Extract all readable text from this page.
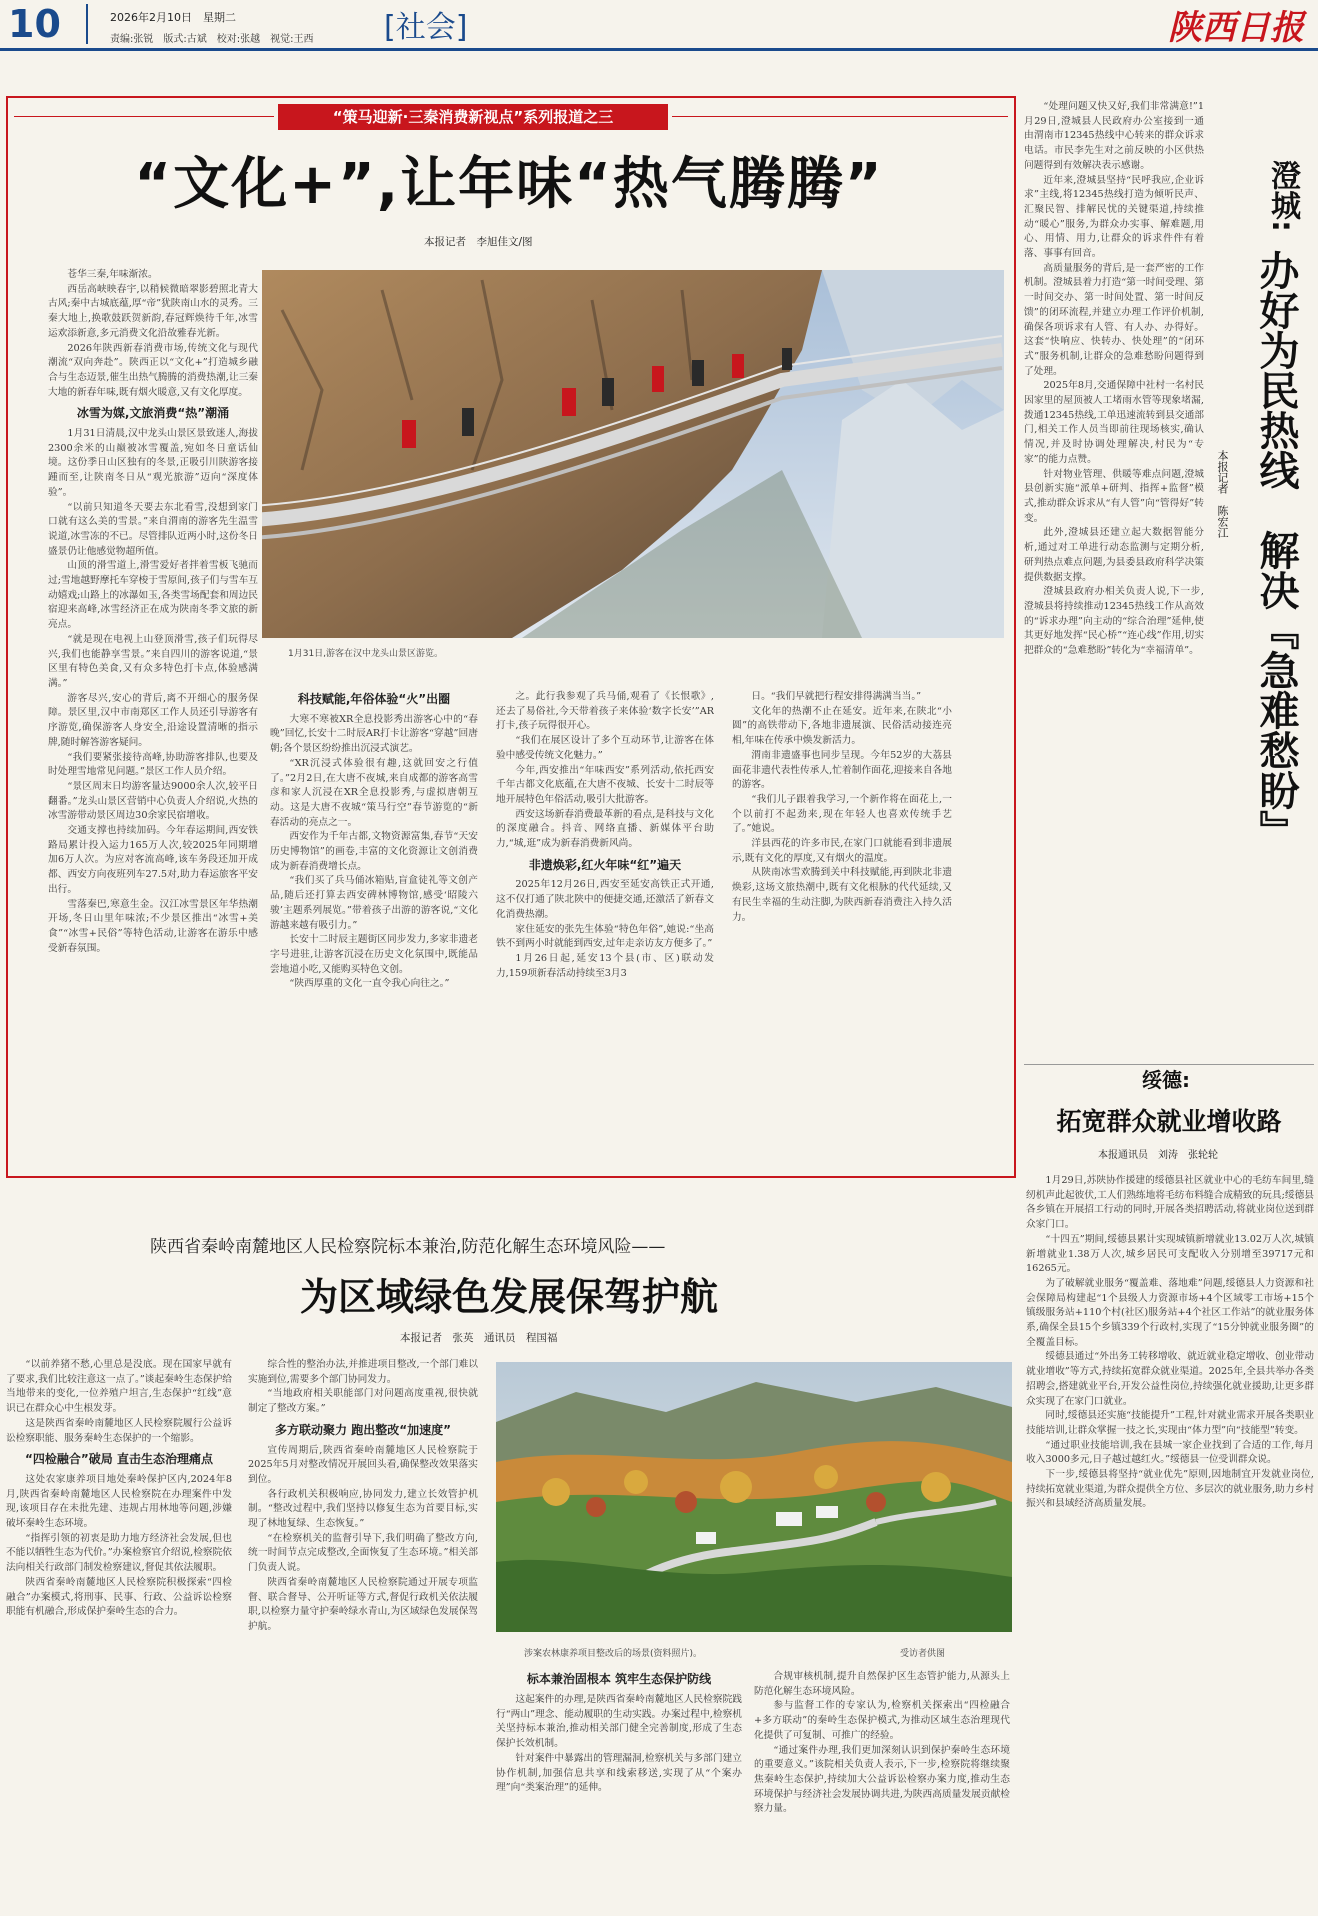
10	2026年2月10日　星期二
责编:张锐　版式:古斌　校对:张越　视觉:王西 [社会]	陕西日报
“策马迎新·三秦消费新视点”系列报道之三
“文化+”,让年味“热气腾腾”
本报记者　李旭佳文/图

苍华三秦,年味渐浓。

西岳高峡映春宇,以稍候微暗翠影碧照北青大古风;秦中古城底蕴,厚“帝”犹陕南山水的灵秀。三秦大地上,换歌鼓跃贺新韵,春冠辉焕待千年,冰雪运欢添新意,多元消费文化沿故雅春光新。

2026年陕西新春消费市场,传统文化与现代潮流“双向奔赴”。陕西正以“文化+”打造城乡融合与生态迈景,催生出热气腾腾的消费热潮,让三秦大地的新春年味,既有烟火暖意,又有文化厚度。

冰雪为媒,文旅消费“热”潮涌

1月31日清晨,汉中龙头山景区景致迷人,海拔2300余米的山巅被冰雪覆盖,宛如冬日童话仙境。这份季日山区独有的冬景,正吸引川陕游客接踵而至,让陕南冬日从“观光旅游”迈向“深度体验”。

“以前只知道冬天要去东北看雪,没想到家门口就有这么美的雪景。”来自渭南的游客先生温雪说道,冰雪冻的不已。尽管排队近两小时,这份冬日盛景仍让他感觉物超所值。

山顶的滑雪道上,滑雪爱好者拌着雪板飞驰而过;雪地越野摩托车穿梭于雪原间,孩子们与雪车互动嬉戏;山路上的冰瀑如玉,各类雪场配套和周边民宿迎来高峰,冰雪经济正在成为陕南冬季文旅的新亮点。

“就是现在电视上山登顶滑雪,孩子们玩得尽兴,我们也能静享雪景。”来自四川的游客说道,“景区里有特色美食,又有众多特色打卡点,体验感满满。”

游客尽兴,安心的背后,离不开细心的服务保障。景区里,汉中市南郑区工作人员还引导游客有序游览,确保游客人身安全,沿途设置清晰的指示牌,随时解答游客疑问。

“我们要紧张接待高峰,协助游客排队,也要及时处理雪地常见问题。”景区工作人员介绍。

“景区周末日均游客量达9000余人次,较平日翻番。”龙头山景区营销中心负责人介绍说,火热的冰雪游带动景区周边30余家民宿增收。

交通支撑也持续加码。今年春运期间,西安铁路局累计投入运力165万人次,较2025年同期增加6万人次。为应对客流高峰,该车务段还加开成都、西安方向夜班列车27.5对,助力春运旅客平安出行。

雪落秦巴,寒意生金。汉江冰雪景区年华热潮开场,冬日山里年味浓;不少景区推出“冰雪+美食”“冰雪+民俗”等特色活动,让游客在游乐中感受新春氛围。

1月31日,游客在汉中龙头山景区游览。
科技赋能,年俗体验“火”出圈

大寒不寒被XR全息投影秀出游客心中的“春晚”回忆,长安十二时辰AR打卡让游客“穿越”回唐朝;各个景区纷纷推出沉浸式演艺。

“XR沉浸式体验很有趣,这就回安之行值了。”2月2日,在大唐不夜城,来自成都的游客高雪彦和家人沉浸在XR全息投影秀,与虚拟唐朝互动。这是大唐不夜城“策马行空”春节游览的“新春活动的亮点之一。

西安作为千年古都,文物资源富集,春节“天安历史博物馆”的画卷,丰富的文化资源让文创消费成为新春消费增长点。

“我们买了兵马俑冰箱贴,盲盒徒礼等文创产品,随后还打算去西安碑林博物馆,感受‘昭陵六骏’主题系列展览。”带着孩子出游的游客说,“文化游越来越有吸引力。”

长安十二时辰主题街区同步发力,多家非遗老字号进驻,让游客沉浸在历史文化氛围中,既能品尝地道小吃,又能购买特色文创。

“陕西厚重的文化一直令我心向往之。”

之。此行我参观了兵马俑,观看了《长恨歌》,还去了易俗社,今天带着孩子来体验‘数字长安’”AR打卡,孩子玩得很开心。

“我们在展区设计了多个互动环节,让游客在体验中感受传统文化魅力。”

今年,西安推出“年味西安”系列活动,依托西安千年古都文化底蕴,在大唐不夜城、长安十二时辰等地开展特色年俗活动,吸引大批游客。

西安这场新春消费最革新的看点,是科技与文化的深度融合。抖音、网络直播、新媒体平台助力,“城,逛”成为新春消费新风尚。

非遗焕彩,红火年味“红”遍天

2025年12月26日,西安至延安高铁正式开通,这不仅打通了陕北陕中的便捷交通,还激活了新春文化消费热潮。

家住延安的张先生体验“特色年俗”,她说:“坐高铁不到两小时就能到西安,过年走亲访友方便多了。”

1月26日起,延安13个县(市、区)联动发力,159项新春活动持续至3月3

日。“我们早就把行程安排得满满当当。”

文化年的热潮不止在延安。近年来,在陕北“小圆”的高铁带动下,各地非遗展演、民俗活动接连亮相,年味在传承中焕发新活力。

渭南非遗盛事也同步呈现。今年52岁的大荔县面花非遗代表性传承人,忙着制作面花,迎接来自各地的游客。

“我们儿子跟着我学习,一个新作将在面花上,一个以前打不起劲来,现在年轻人也喜欢传统手艺了。”她说。

洋县西花的许多市民,在家门口就能看到非遗展示,既有文化的厚度,又有烟火的温度。

从陕南冰雪欢腾到关中科技赋能,再到陕北非遗焕彩,这场文旅热潮中,既有文化根脉的代代延续,又有民生幸福的生动注脚,为陕西新春消费注入持久活力。

“处理问题又快又好,我们非常满意!”1月29日,澄城县人民政府办公室接到一通由渭南市12345热线中心转来的群众诉求电话。市民李先生对之前反映的小区供热问题得到有效解决表示感谢。

近年来,澄城县坚持“民呼我应,企业诉求”主线,将12345热线打造为倾听民声、汇聚民智、排解民忧的关键渠道,持续推动“暖心”服务,为群众办实事、解难题,用心、用情、用力,让群众的诉求件件有着落、事事有回音。

高质量服务的背后,是一套严密的工作机制。澄城县着力打造“第一时间受理、第一时间交办、第一时间处置、第一时间反馈”的闭环流程,并建立办理工作评价机制,确保各项诉求有人管、有人办、办得好。这套“快响应、快转办、快处理”的“闭环式”服务机制,让群众的急难愁盼问题得到了处理。

2025年8月,交通保障中社村一名村民因家里的屋顶被人工堵雨水管等现象堵漏,拨通12345热线,工单迅速流转到县交通部门,相关工作人员当即前往现场核实,确认情况,并及时协调处理解决,村民为“专家”的能力点赞。

针对物业管理、供暖等难点问题,澄城县创新实施“派单+研判、指挥+监督”模式,推动群众诉求从“有人管”向“管得好”转变。

此外,澄城县还建立起大数据智能分析,通过对工单进行动态监测与定期分析,研判热点难点问题,为县委县政府科学决策提供数据支撑。

澄城县政府办相关负责人说,下一步,澄城县将持续推动12345热线工作从高效的“诉求办理”向主动的“综合治理”延伸,使其更好地发挥“民心桥”“连心线”作用,切实把群众的“急难愁盼”转化为“幸福清单”。

澄城:
办好为民热线　解决『急难愁盼』
本报记者　陈宏江
绥德:
拓宽群众就业增收路
本报通讯员　刘涛　张轮轮

1月29日,苏陕协作援建的绥德县社区就业中心的毛纺车间里,缝纫机声此起彼伏,工人们熟练地将毛纺布料缝合成精致的玩具;绥德县各乡镇在开展招工行动的同时,开展各类招聘活动,将就业岗位送到群众家门口。

“十四五”期间,绥德县累计实现城镇新增就业13.02万人次,城镇新增就业1.38万人次,城乡居民可支配收入分别增至39717元和16265元。

为了破解就业服务“覆盖难、落地难”问题,绥德县人力资源和社会保障局构建起“1个县级人力资源市场+4个区域零工市场+15个镇级服务站+110个村(社区)服务站+4个社区工作站”的就业服务体系,确保全县15个乡镇339个行政村,实现了“15分钟就业服务圈”的全覆盖目标。

绥德县通过“外出务工转移增收、就近就业稳定增收、创业带动就业增收”等方式,持续拓宽群众就业渠道。2025年,全县共举办各类招聘会,搭建就业平台,开发公益性岗位,持续强化就业援助,让更多群众实现了在家门口就业。

同时,绥德县还实施“技能提升”工程,针对就业需求开展各类职业技能培训,让群众掌握一技之长,实现由“体力型”向“技能型”转变。

“通过职业技能培训,我在县城一家企业找到了合适的工作,每月收入3000多元,日子越过越红火。”绥德县一位受训群众说。

下一步,绥德县将坚持“就业优先”原则,因地制宜开发就业岗位,持续拓宽就业渠道,为群众提供全方位、多层次的就业服务,助力乡村振兴和县域经济高质量发展。

陕西省秦岭南麓地区人民检察院标本兼治,防范化解生态环境风险——
为区域绿色发展保驾护航
本报记者　张英　通讯员　程国福

“以前养猪不愁,心里总是没底。现在国家早就有了要求,我们比较注意这一点了。”谈起秦岭生态保护给当地带来的变化,一位养殖户坦言,生态保护“红线”意识已在群众心中生根发芽。

这是陕西省秦岭南麓地区人民检察院履行公益诉讼检察职能、服务秦岭生态保护的一个缩影。

“四检融合”破局 直击生态治理痛点

这处农家康养项目地处秦岭保护区内,2024年8月,陕西省秦岭南麓地区人民检察院在办理案件中发现,该项目存在未批先建、违规占用林地等问题,涉嫌破坏秦岭生态环境。

“指挥引领的初衷是助力地方经济社会发展,但也不能以牺牲生态为代价。”办案检察官介绍说,检察院依法向相关行政部门制发检察建议,督促其依法履职。

陕西省秦岭南麓地区人民检察院积极探索“四检融合”办案模式,将刑事、民事、行政、公益诉讼检察职能有机融合,形成保护秦岭生态的合力。

综合性的整治办法,并推进项目整改,一个部门难以实施到位,需要多个部门协同发力。

“当地政府相关职能部门对问题高度重视,很快就制定了整改方案。”

多方联动聚力 跑出整改“加速度”

宣传周期后,陕西省秦岭南麓地区人民检察院于2025年5月对整改情况开展回头看,确保整改效果落实到位。

各行政机关积极响应,协同发力,建立长效管护机制。“整改过程中,我们坚持以修复生态为首要目标,实现了林地复绿、生态恢复。”

“在检察机关的监督引导下,我们明确了整改方向,统一时间节点完成整改,全面恢复了生态环境。”相关部门负责人说。

陕西省秦岭南麓地区人民检察院通过开展专项监督、联合督导、公开听证等方式,督促行政机关依法履职,以检察力量守护秦岭绿水青山,为区域绿色发展保驾护航。

涉案农林康养项目整改后的场景(资料照片)。	受访者供图
标本兼治固根本 筑牢生态保护防线

这起案件的办理,是陕西省秦岭南麓地区人民检察院践行“两山”理念、能动履职的生动实践。办案过程中,检察机关坚持标本兼治,推动相关部门健全完善制度,形成了生态保护长效机制。

针对案件中暴露出的管理漏洞,检察机关与多部门建立协作机制,加强信息共享和线索移送,实现了从“个案办理”向“类案治理”的延伸。

合规审核机制,提升自然保护区生态管护能力,从源头上防范化解生态环境风险。

参与监督工作的专家认为,检察机关探索出“四检融合+多方联动”的秦岭生态保护模式,为推动区域生态治理现代化提供了可复制、可推广的经验。

“通过案件办理,我们更加深刻认识到保护秦岭生态环境的重要意义。”该院相关负责人表示,下一步,检察院将继续聚焦秦岭生态保护,持续加大公益诉讼检察办案力度,推动生态环境保护与经济社会发展协调共进,为陕西高质量发展贡献检察力量。
